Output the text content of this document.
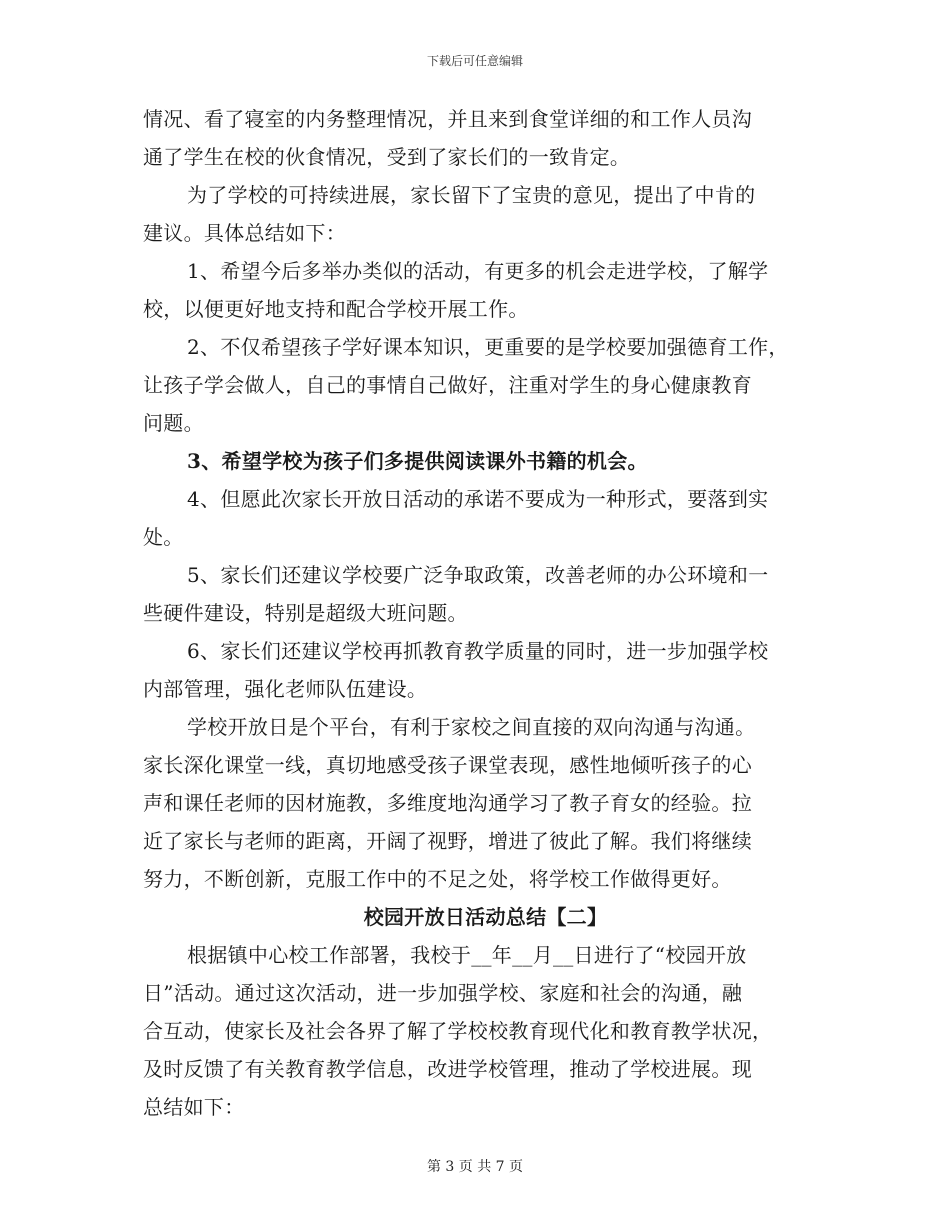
下载后可任意编辑
情况、看了寝室的内务整理情况，并且来到食堂详细的和工作人员沟
通了学生在校的伙食情况，受到了家长们的一致肯定。
为了学校的可持续进展，家长留下了宝贵的意见，提出了中肯的
建议。具体总结如下：
1、希望今后多举办类似的活动，有更多的机会走进学校，了解学
校，以便更好地支持和配合学校开展工作。
2、不仅希望孩子学好课本知识，更重要的是学校要加强德育工作，
让孩子学会做人，自己的事情自己做好，注重对学生的身心健康教育
问题。
3、希望学校为孩子们多提供阅读课外书籍的机会。
4、但愿此次家长开放日活动的承诺不要成为一种形式，要落到实
处。
5、家长们还建议学校要广泛争取政策，改善老师的办公环境和一
些硬件建设，特别是超级大班问题。
6、家长们还建议学校再抓教育教学质量的同时，进一步加强学校
内部管理，强化老师队伍建设。
学校开放日是个平台，有利于家校之间直接的双向沟通与沟通。
家长深化课堂一线，真切地感受孩子课堂表现，感性地倾听孩子的心
声和课任老师的因材施教，多维度地沟通学习了教子育女的经验。拉
近了家长与老师的距离，开阔了视野，增进了彼此了解。我们将继续
努力，不断创新，克服工作中的不足之处，将学校工作做得更好。
校园开放日活动总结【二】
根据镇中心校工作部署，我校于__年__月__日进行了“校园开放
日”活动。通过这次活动，进一步加强学校、家庭和社会的沟通，融
合互动，使家长及社会各界了解了学校校教育现代化和教育教学状况，
及时反馈了有关教育教学信息，改进学校管理，推动了学校进展。现
总结如下：
第 3 页 共 7 页
